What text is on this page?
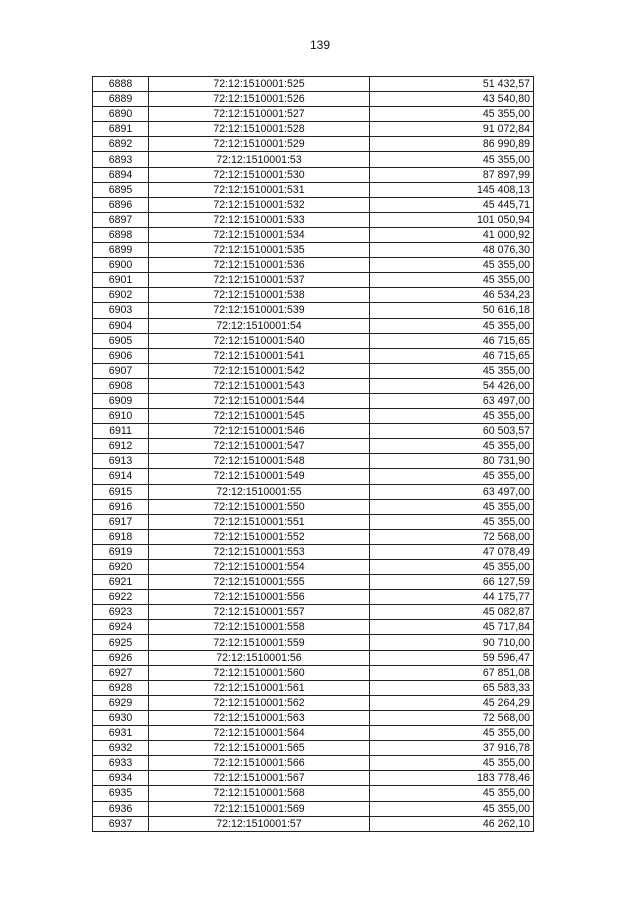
139
6888	72:12:1510001:525	51 432,57
6889	72:12:1510001:526	43 540,80
6890	72:12:1510001:527	45 355,00
6891	72:12:1510001:528	91 072,84
6892	72:12:1510001:529	86 990,89
6893	72:12:1510001:53	45 355,00
6894	72:12:1510001:530	87 897,99
6895	72:12:1510001:531	145 408,13
6896	72:12:1510001:532	45 445,71
6897	72:12:1510001:533	101 050,94
6898	72:12:1510001:534	41 000,92
6899	72:12:1510001:535	48 076,30
6900	72:12:1510001:536	45 355,00
6901	72:12:1510001:537	45 355,00
6902	72:12:1510001:538	46 534,23
6903	72:12:1510001:539	50 616,18
6904	72:12:1510001:54	45 355,00
6905	72:12:1510001:540	46 715,65
6906	72:12:1510001:541	46 715,65
6907	72:12:1510001:542	45 355,00
6908	72:12:1510001:543	54 426,00
6909	72:12:1510001:544	63 497,00
6910	72:12:1510001:545	45 355,00
6911	72:12:1510001:546	60 503,57
6912	72:12:1510001:547	45 355,00
6913	72:12:1510001:548	80 731,90
6914	72:12:1510001:549	45 355,00
6915	72:12:1510001:55	63 497,00
6916	72:12:1510001:550	45 355,00
6917	72:12:1510001:551	45 355,00
6918	72:12:1510001:552	72 568,00
6919	72:12:1510001:553	47 078,49
6920	72:12:1510001:554	45 355,00
6921	72:12:1510001:555	66 127,59
6922	72:12:1510001:556	44 175,77
6923	72:12:1510001:557	45 082,87
6924	72:12:1510001:558	45 717,84
6925	72:12:1510001:559	90 710,00
6926	72:12:1510001:56	59 596,47
6927	72:12:1510001:560	67 851,08
6928	72:12:1510001:561	65 583,33
6929	72:12:1510001:562	45 264,29
6930	72:12:1510001:563	72 568,00
6931	72:12:1510001:564	45 355,00
6932	72:12:1510001:565	37 916,78
6933	72:12:1510001:566	45 355,00
6934	72:12:1510001:567	183 778,46
6935	72:12:1510001:568	45 355,00
6936	72:12:1510001:569	45 355,00
6937	72:12:1510001:57	46 262,10
